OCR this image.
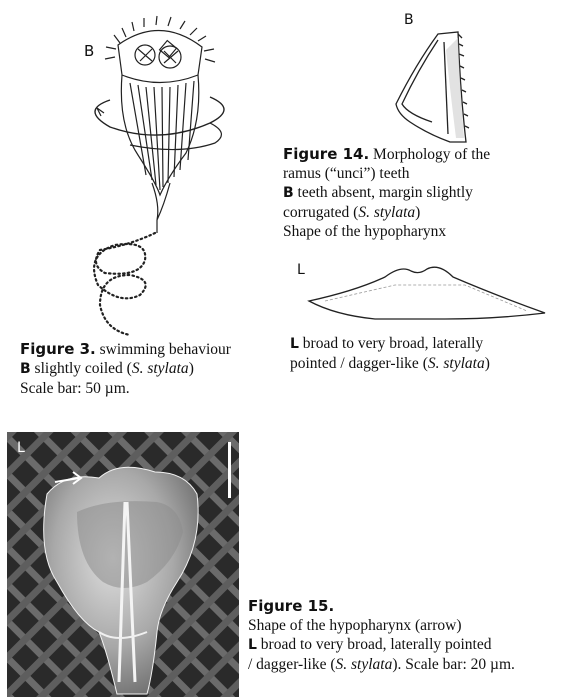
B
Figure 3. swimming behaviour
B slightly coiled (S. stylata)
Scale bar: 50 µm.
B
Figure 14. Morphology of the
ramus (“unci”) teeth
B teeth absent, margin slightly
corrugated (S. stylata)
Shape of the hypopharynx
L
L broad to very broad, laterally
pointed / dagger-like (S. stylata)
L
Figure 15.
Shape of the hypopharynx (arrow)
L broad to very broad, laterally pointed
/ dagger-like (S. stylata). Scale bar: 20 µm.
